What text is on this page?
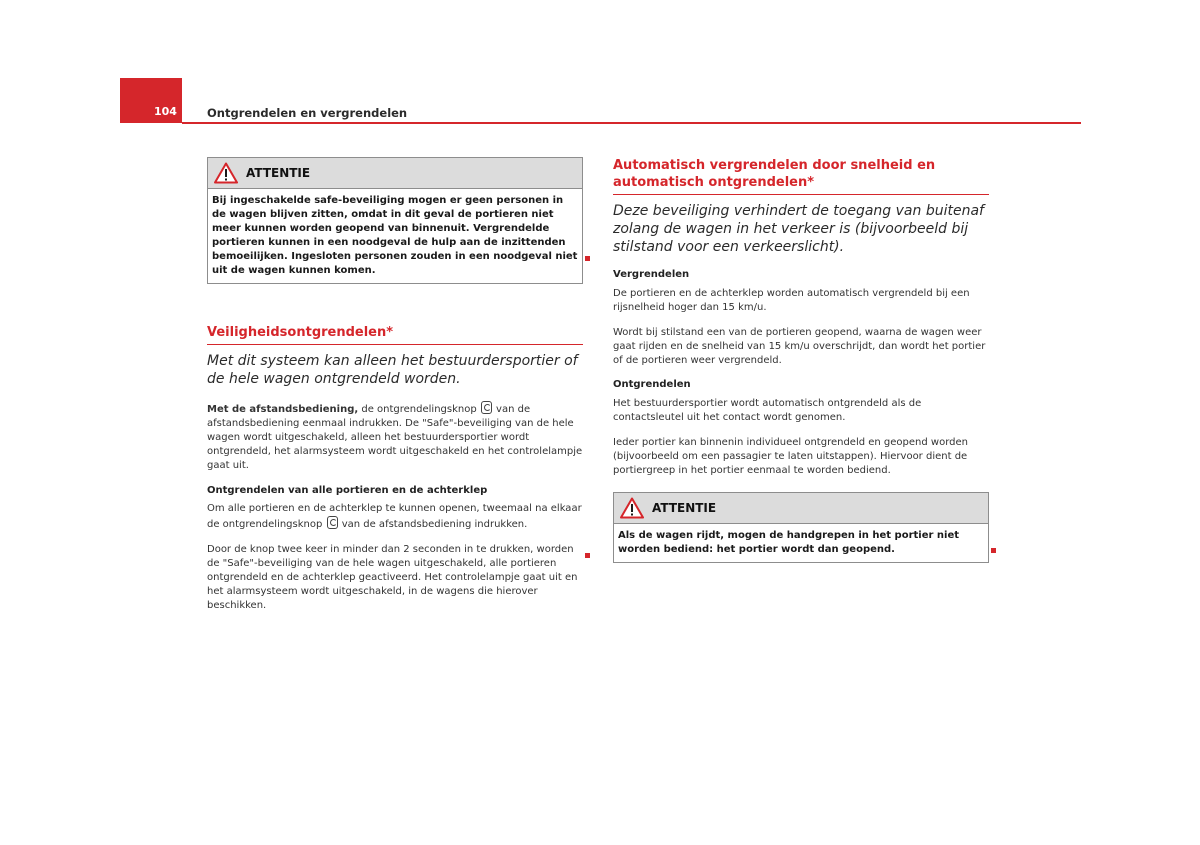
104	Ontgrendelen en vergrendelen
ATTENTIE
Bij ingeschakelde safe-beveiliging mogen er geen personen in de wagen blijven zitten, omdat in dit geval de portieren niet meer kunnen worden geopend van binnenuit. Vergrendelde portieren kunnen in een noodgeval de hulp aan de inzittenden bemoeilijken. Ingesloten personen zouden in een noodgeval niet uit de wagen kunnen komen.
Veiligheidsontgrendelen*
Met dit systeem kan alleen het bestuurdersportier of de hele wagen ontgrendeld worden.

Met de afstandsbediening, de ontgrendelingsknop  van de afstandsbediening eenmaal indrukken. De "Safe"-beveiliging van de hele wagen wordt uitgeschakeld, alleen het bestuurdersportier wordt ontgrendeld, het alarmsysteem wordt uitgeschakeld en het controlelampje gaat uit.

Ontgrendelen van alle portieren en de achterklep

Om alle portieren en de achterklep te kunnen openen, tweemaal na elkaar de ontgrendelingsknop  van de afstandsbediening indrukken.

Door de knop twee keer in minder dan 2 seconden in te drukken, worden de "Safe"-beveiliging van de hele wagen uitgeschakeld, alle portieren ontgrendeld en de achterklep geactiveerd. Het controlelampje gaat uit en het alarmsysteem wordt uitgeschakeld, in de wagens die hierover beschikken.

Automatisch vergrendelen door snelheid en automatisch ontgrendelen*
Deze beveiliging verhindert de toegang van buitenaf zolang de wagen in het verkeer is (bijvoorbeeld bij stilstand voor een verkeerslicht).
Vergrendelen

De portieren en de achterklep worden automatisch vergrendeld bij een rijsnelheid hoger dan 15 km/u.

Wordt bij stilstand een van de portieren geopend, waarna de wagen weer gaat rijden en de snelheid van 15 km/u overschrijdt, dan wordt het portier of de portieren weer vergrendeld.

Ontgrendelen

Het bestuurdersportier wordt automatisch ontgrendeld als de contactsleutel uit het contact wordt genomen.

Ieder portier kan binnenin individueel ontgrendeld en geopend worden (bijvoorbeeld om een passagier te laten uitstappen). Hiervoor dient de portiergreep in het portier eenmaal te worden bediend.

ATTENTIE
Als de wagen rijdt, mogen de handgrepen in het portier niet worden bediend: het portier wordt dan geopend.
